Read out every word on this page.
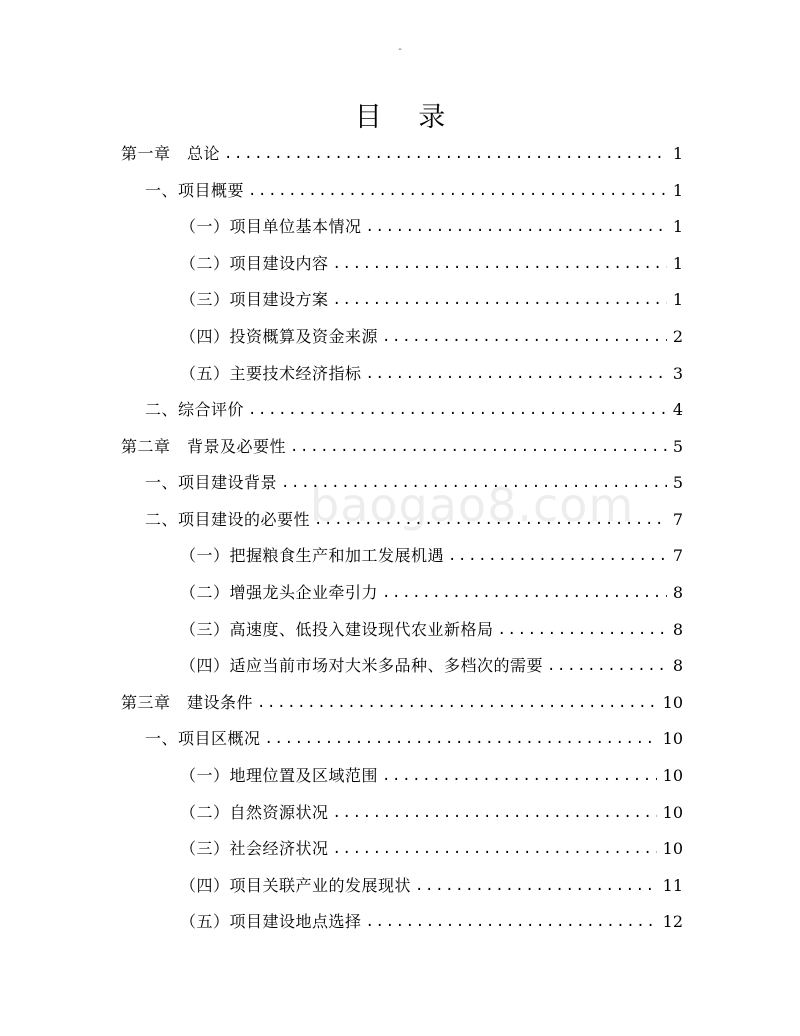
-
目 录
baogao8.com
第一章　总论 .....	1
一、项目概要 .....	1
（一）项目单位基本情况 .....	1
（二）项目建设内容 .....	1
（三）项目建设方案 .....	1
（四）投资概算及资金来源 .....	2
（五）主要技术经济指标 .....	3
二、综合评价 .....	4
第二章　背景及必要性 .....	5
一、项目建设背景 .....	5
二、项目建设的必要性 .....	7
（一）把握粮食生产和加工发展机遇 .....	7
（二）增强龙头企业牵引力 .....	8
（三）高速度、低投入建设现代农业新格局 .....	8
（四）适应当前市场对大米多品种、多档次的需要 .....	8
第三章　建设条件 .....	10
一、项目区概况 .....	10
（一）地理位置及区域范围 .....	10
（二）自然资源状况 .....	10
（三）社会经济状况 .....	10
（四）项目关联产业的发展现状 .....	11
（五）项目建设地点选择 .....	12
